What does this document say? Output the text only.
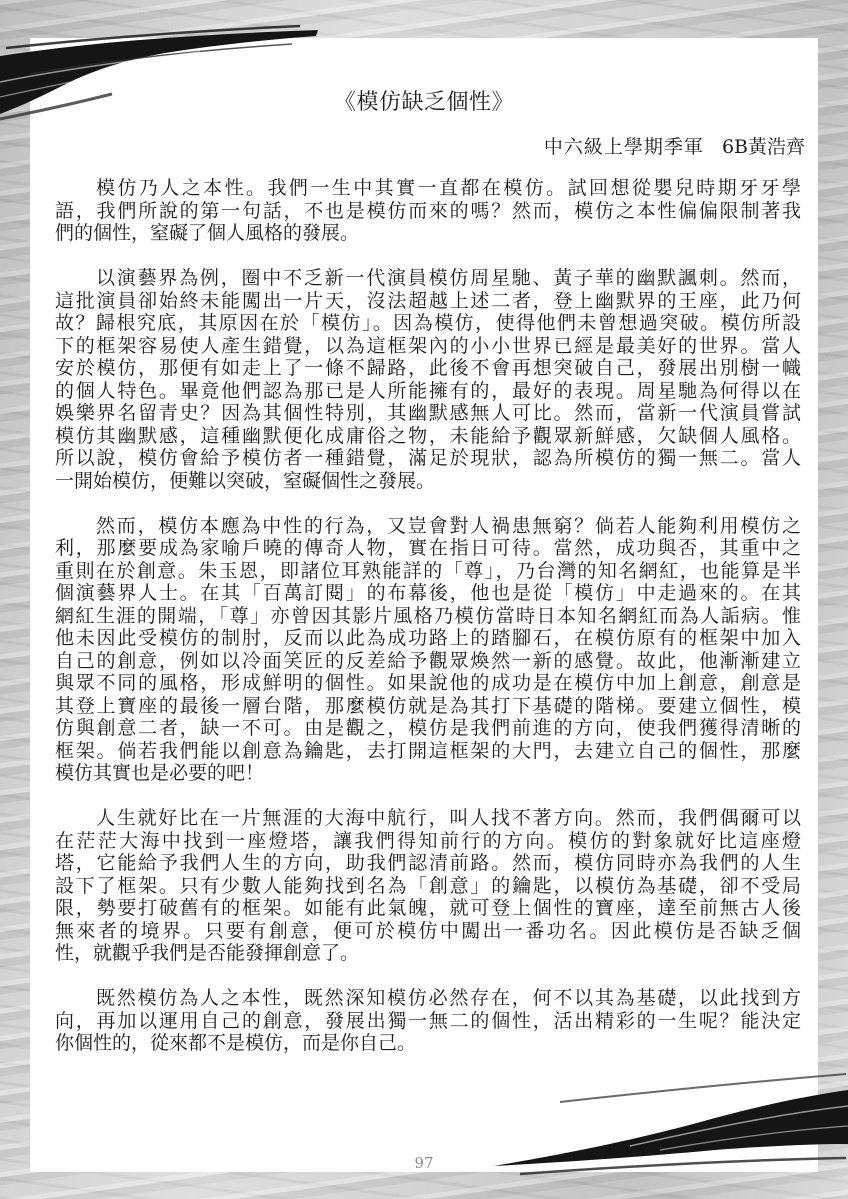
《模仿缺乏個性》
中六級上學期季軍 6B黃浩齊
模仿乃人之本性。我們一生中其實一直都在模仿。試回想從嬰兒時期牙牙學
語，我們所說的第一句話，不也是模仿而來的嗎？然而，模仿之本性偏偏限制著我
們的個性，窒礙了個人風格的發展。
以演藝界為例，圈中不乏新一代演員模仿周星馳、黃子華的幽默諷刺。然而，
這批演員卻始終未能闖出一片天，沒法超越上述二者，登上幽默界的王座，此乃何
故？歸根究底，其原因在於「模仿」。因為模仿，使得他們未曾想過突破。模仿所設
下的框架容易使人產生錯覺，以為這框架內的小小世界已經是最美好的世界。當人
安於模仿，那便有如走上了一條不歸路，此後不會再想突破自己，發展出別樹一幟
的個人特色。畢竟他們認為那已是人所能擁有的，最好的表現。周星馳為何得以在
娛樂界名留青史？因為其個性特別，其幽默感無人可比。然而，當新一代演員嘗試
模仿其幽默感，這種幽默便化成庸俗之物，未能給予觀眾新鮮感，欠缺個人風格。
所以說，模仿會給予模仿者一種錯覺，滿足於現狀，認為所模仿的獨一無二。當人
一開始模仿，便難以突破，窒礙個性之發展。
然而，模仿本應為中性的行為，又豈會對人禍患無窮？倘若人能夠利用模仿之
利，那麼要成為家喻戶曉的傳奇人物，實在指日可待。當然，成功與否，其重中之
重則在於創意。朱玉恩，即諸位耳熟能詳的「尊」，乃台灣的知名網紅，也能算是半
個演藝界人士。在其「百萬訂閱」的布幕後，他也是從「模仿」中走過來的。在其
網紅生涯的開端，「尊」亦曾因其影片風格乃模仿當時日本知名網紅而為人詬病。惟
他未因此受模仿的制肘，反而以此為成功路上的踏腳石，在模仿原有的框架中加入
自己的創意，例如以冷面笑匠的反差給予觀眾煥然一新的感覺。故此，他漸漸建立
與眾不同的風格，形成鮮明的個性。如果說他的成功是在模仿中加上創意，創意是
其登上寶座的最後一層台階，那麼模仿就是為其打下基礎的階梯。要建立個性，模
仿與創意二者，缺一不可。由是觀之，模仿是我們前進的方向，使我們獲得清晰的
框架。倘若我們能以創意為鑰匙，去打開這框架的大門，去建立自己的個性，那麼
模仿其實也是必要的吧！
人生就好比在一片無涯的大海中航行，叫人找不著方向。然而，我們偶爾可以
在茫茫大海中找到一座燈塔，讓我們得知前行的方向。模仿的對象就好比這座燈
塔，它能給予我們人生的方向，助我們認清前路。然而，模仿同時亦為我們的人生
設下了框架。只有少數人能夠找到名為「創意」的鑰匙，以模仿為基礎，卻不受局
限，勢要打破舊有的框架。如能有此氣魄，就可登上個性的寶座，達至前無古人後
無來者的境界。只要有創意，便可於模仿中闖出一番功名。因此模仿是否缺乏個
性，就觀乎我們是否能發揮創意了。
既然模仿為人之本性，既然深知模仿必然存在，何不以其為基礎，以此找到方
向，再加以運用自己的創意，發展出獨一無二的個性，活出精彩的一生呢？能決定
你個性的，從來都不是模仿，而是你自己。
97
